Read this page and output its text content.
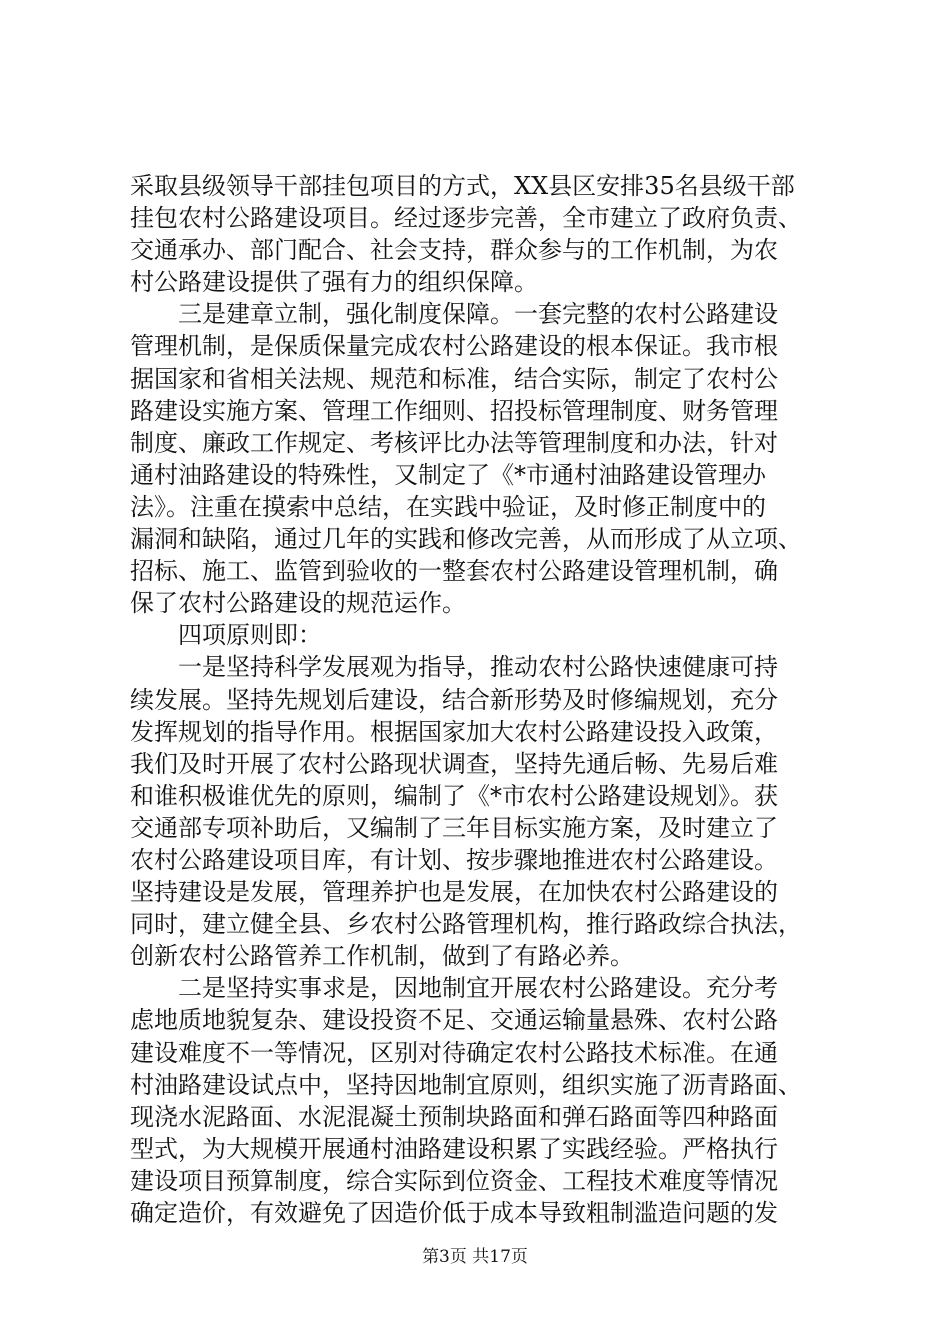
采取县级领导干部挂包项目的方式，XX县区安排35名县级干部
挂包农村公路建设项目。经过逐步完善，全市建立了政府负责、
交通承办、部门配合、社会支持，群众参与的工作机制，为农
村公路建设提供了强有力的组织保障。
　　三是建章立制，强化制度保障。一套完整的农村公路建设
管理机制，是保质保量完成农村公路建设的根本保证。我市根
据国家和省相关法规、规范和标准，结合实际，制定了农村公
路建设实施方案、管理工作细则、招投标管理制度、财务管理
制度、廉政工作规定、考核评比办法等管理制度和办法，针对
通村油路建设的特殊性，又制定了《*市通村油路建设管理办
法》。注重在摸索中总结，在实践中验证，及时修正制度中的
漏洞和缺陷，通过几年的实践和修改完善，从而形成了从立项、
招标、施工、监管到验收的一整套农村公路建设管理机制，确
保了农村公路建设的规范运作。
　　四项原则即：
　　一是坚持科学发展观为指导，推动农村公路快速健康可持
续发展。坚持先规划后建设，结合新形势及时修编规划，充分
发挥规划的指导作用。根据国家加大农村公路建设投入政策，
我们及时开展了农村公路现状调查，坚持先通后畅、先易后难
和谁积极谁优先的原则，编制了《*市农村公路建设规划》。获
交通部专项补助后，又编制了三年目标实施方案，及时建立了
农村公路建设项目库，有计划、按步骤地推进农村公路建设。
坚持建设是发展，管理养护也是发展，在加快农村公路建设的
同时，建立健全县、乡农村公路管理机构，推行路政综合执法，
创新农村公路管养工作机制，做到了有路必养。
　　二是坚持实事求是，因地制宜开展农村公路建设。充分考
虑地质地貌复杂、建设投资不足、交通运输量悬殊、农村公路
建设难度不一等情况，区别对待确定农村公路技术标准。在通
村油路建设试点中，坚持因地制宜原则，组织实施了沥青路面、
现浇水泥路面、水泥混凝土预制块路面和弹石路面等四种路面
型式，为大规模开展通村油路建设积累了实践经验。严格执行
建设项目预算制度，综合实际到位资金、工程技术难度等情况
确定造价，有效避免了因造价低于成本导致粗制滥造问题的发
第3页 共17页
